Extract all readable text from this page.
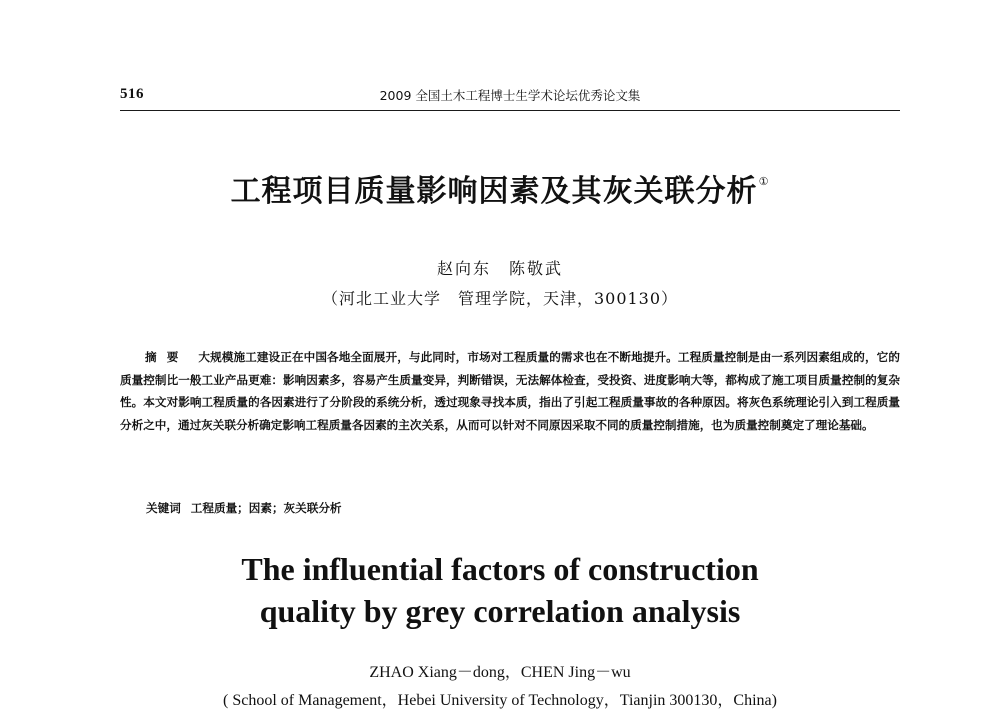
516	2009 全国土木工程博士生学术论坛优秀论文集
工程项目质量影响因素及其灰关联分析①
赵向东　陈敬武
（河北工业大学　管理学院，天津，300130）
摘要 大规模施工建设正在中国各地全面展开，与此同时，市场对工程质量的需求也在不断地提升。工程质量控制是由一系列因素组成的，它的质量控制比一般工业产品更难：影响因素多，容易产生质量变异，判断错误，无法解体检查，受投资、进度影响大等，都构成了施工项目质量控制的复杂性。本文对影响工程质量的各因素进行了分阶段的系统分析，透过现象寻找本质，指出了引起工程质量事故的各种原因。将灰色系统理论引入到工程质量分析之中，通过灰关联分析确定影响工程质量各因素的主次关系，从而可以针对不同原因采取不同的质量控制措施，也为质量控制奠定了理论基础。
关键词 工程质量；因素；灰关联分析
The influential factors of construction
quality by grey correlation analysis
ZHAO Xiang－dong，CHEN Jing－wu
( School of Management，Hebei University of Technology，Tianjin 300130，China)
